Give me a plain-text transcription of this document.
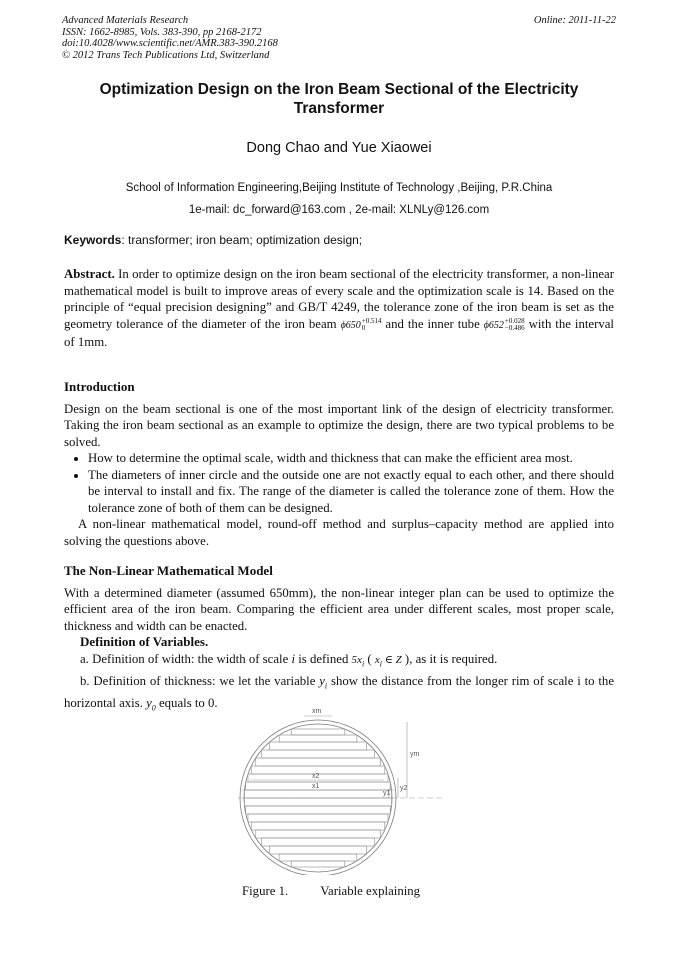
Advanced Materials Research
ISSN: 1662-8985, Vols. 383-390, pp 2168-2172
doi:10.4028/www.scientific.net/AMR.383-390.2168
© 2012 Trans Tech Publications Ltd, Switzerland
Online: 2011-11-22
Optimization Design on the Iron Beam Sectional of the Electricity
Transformer
Dong Chao and Yue Xiaowei
School of Information Engineering,Beijing Institute of Technology ,Beijing, P.R.China
1e-mail: dc_forward@163.com , 2e-mail: XLNLy@126.com
Keywords: transformer; iron beam; optimization design;
Abstract. In order to optimize design on the iron beam sectional of the electricity transformer, a non-linear mathematical model is built to improve areas of every scale and the optimization scale is 14. Based on the principle of “equal precision designing” and GB/T 4249, the tolerance zone of the iron beam is set as the geometry tolerance of the diameter of the iron beam ϕ650+0.514
0 and the inner tube ϕ652+0.028
−0.486 with the interval of 1mm.
Introduction
Design on the beam sectional is one of the most important link of the design of electricity transformer. Taking the iron beam sectional as an example to optimize the design, there are two typical problems to be solved.
• How to determine the optimal scale, width and thickness that can make the efficient area most.
• The diameters of inner circle and the outside one are not exactly equal to each other, and there should be interval to install and fix. The range of the diameter is called the tolerance zone of them. How the tolerance zone of both of them can be designed.
A non-linear mathematical model, round-off method and surplus–capacity method are applied into solving the questions above.
The Non-Linear Mathematical Model
With a determined diameter (assumed 650mm), the non-linear integer plan can be used to optimize the efficient area of the iron beam. Comparing the efficient area under different scales, most proper scale, thickness and width can be enacted.
Definition of Variables.
a. Definition of width: the width of scale i is defined $5x_i$ ( $x_i$ ∈ Z ), as it is required.
b. Definition of thickness: we let the variable $y_i$ show the distance from the longer rim of scale i to the horizontal axis. $y_0$ equals to 0.
xm
x2
x1
ym
y2
y1
Figure 1.	Variable explaining
